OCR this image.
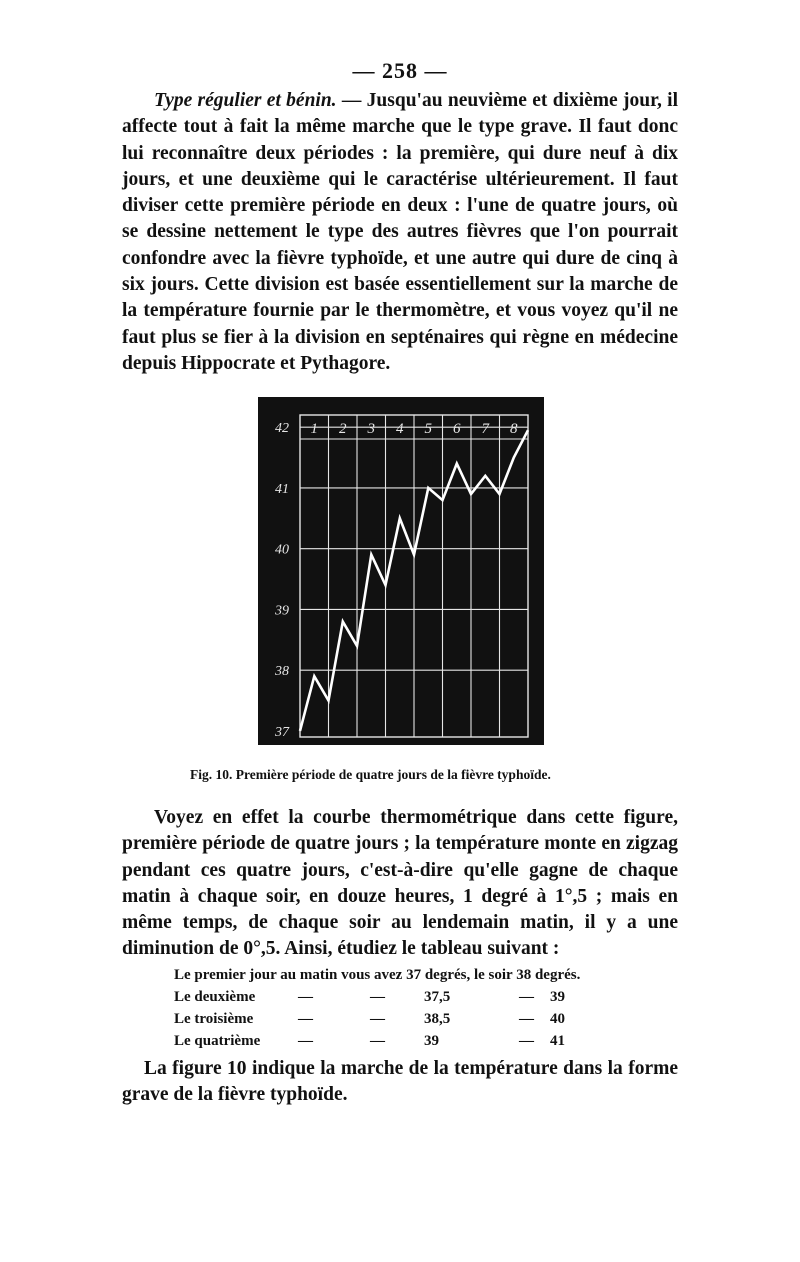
— 258 —

Type régulier et bénin. — Jusqu'au neuvième et dixième jour, il affecte tout à fait la même marche que le type grave. Il faut donc lui reconnaître deux périodes : la première, qui dure neuf à dix jours, et une deuxième qui le caractérise ultérieurement. Il faut diviser cette première période en deux : l'une de quatre jours, où se dessine nettement le type des autres fièvres que l'on pourrait confondre avec la fièvre typhoïde, et une autre qui dure de cinq à six jours. Cette division est basée essentiellement sur la marche de la température fournie par le thermomètre, et vous voyez qu'il ne faut plus se fier à la division en septénaires qui règne en médecine depuis Hippocrate et Pythagore.

1 2 3 4 5 6 7 8
42
41
40
39
38
37
Fig. 10. Première période de quatre jours de la fièvre typhoïde.

Voyez en effet la courbe thermométrique dans cette figure, première période de quatre jours ; la température monte en zigzag pendant ces quatre jours, c'est-à-dire qu'elle gagne de chaque matin à chaque soir, en douze heures, 1 degré à 1°,5 ; mais en même temps, de chaque soir au lendemain matin, il y a une diminution de 0°,5. Ainsi, étudiez le tableau suivant :

Le premier jour au matin vous avez 37 degrés, le soir 38 degrés.
Le deuxième	—	—	37,5	— 39
Le troisième	—	—	38,5	— 40
Le quatrième	—	—	39	— 41

La figure 10 indique la marche de la température dans la forme grave de la fièvre typhoïde.
